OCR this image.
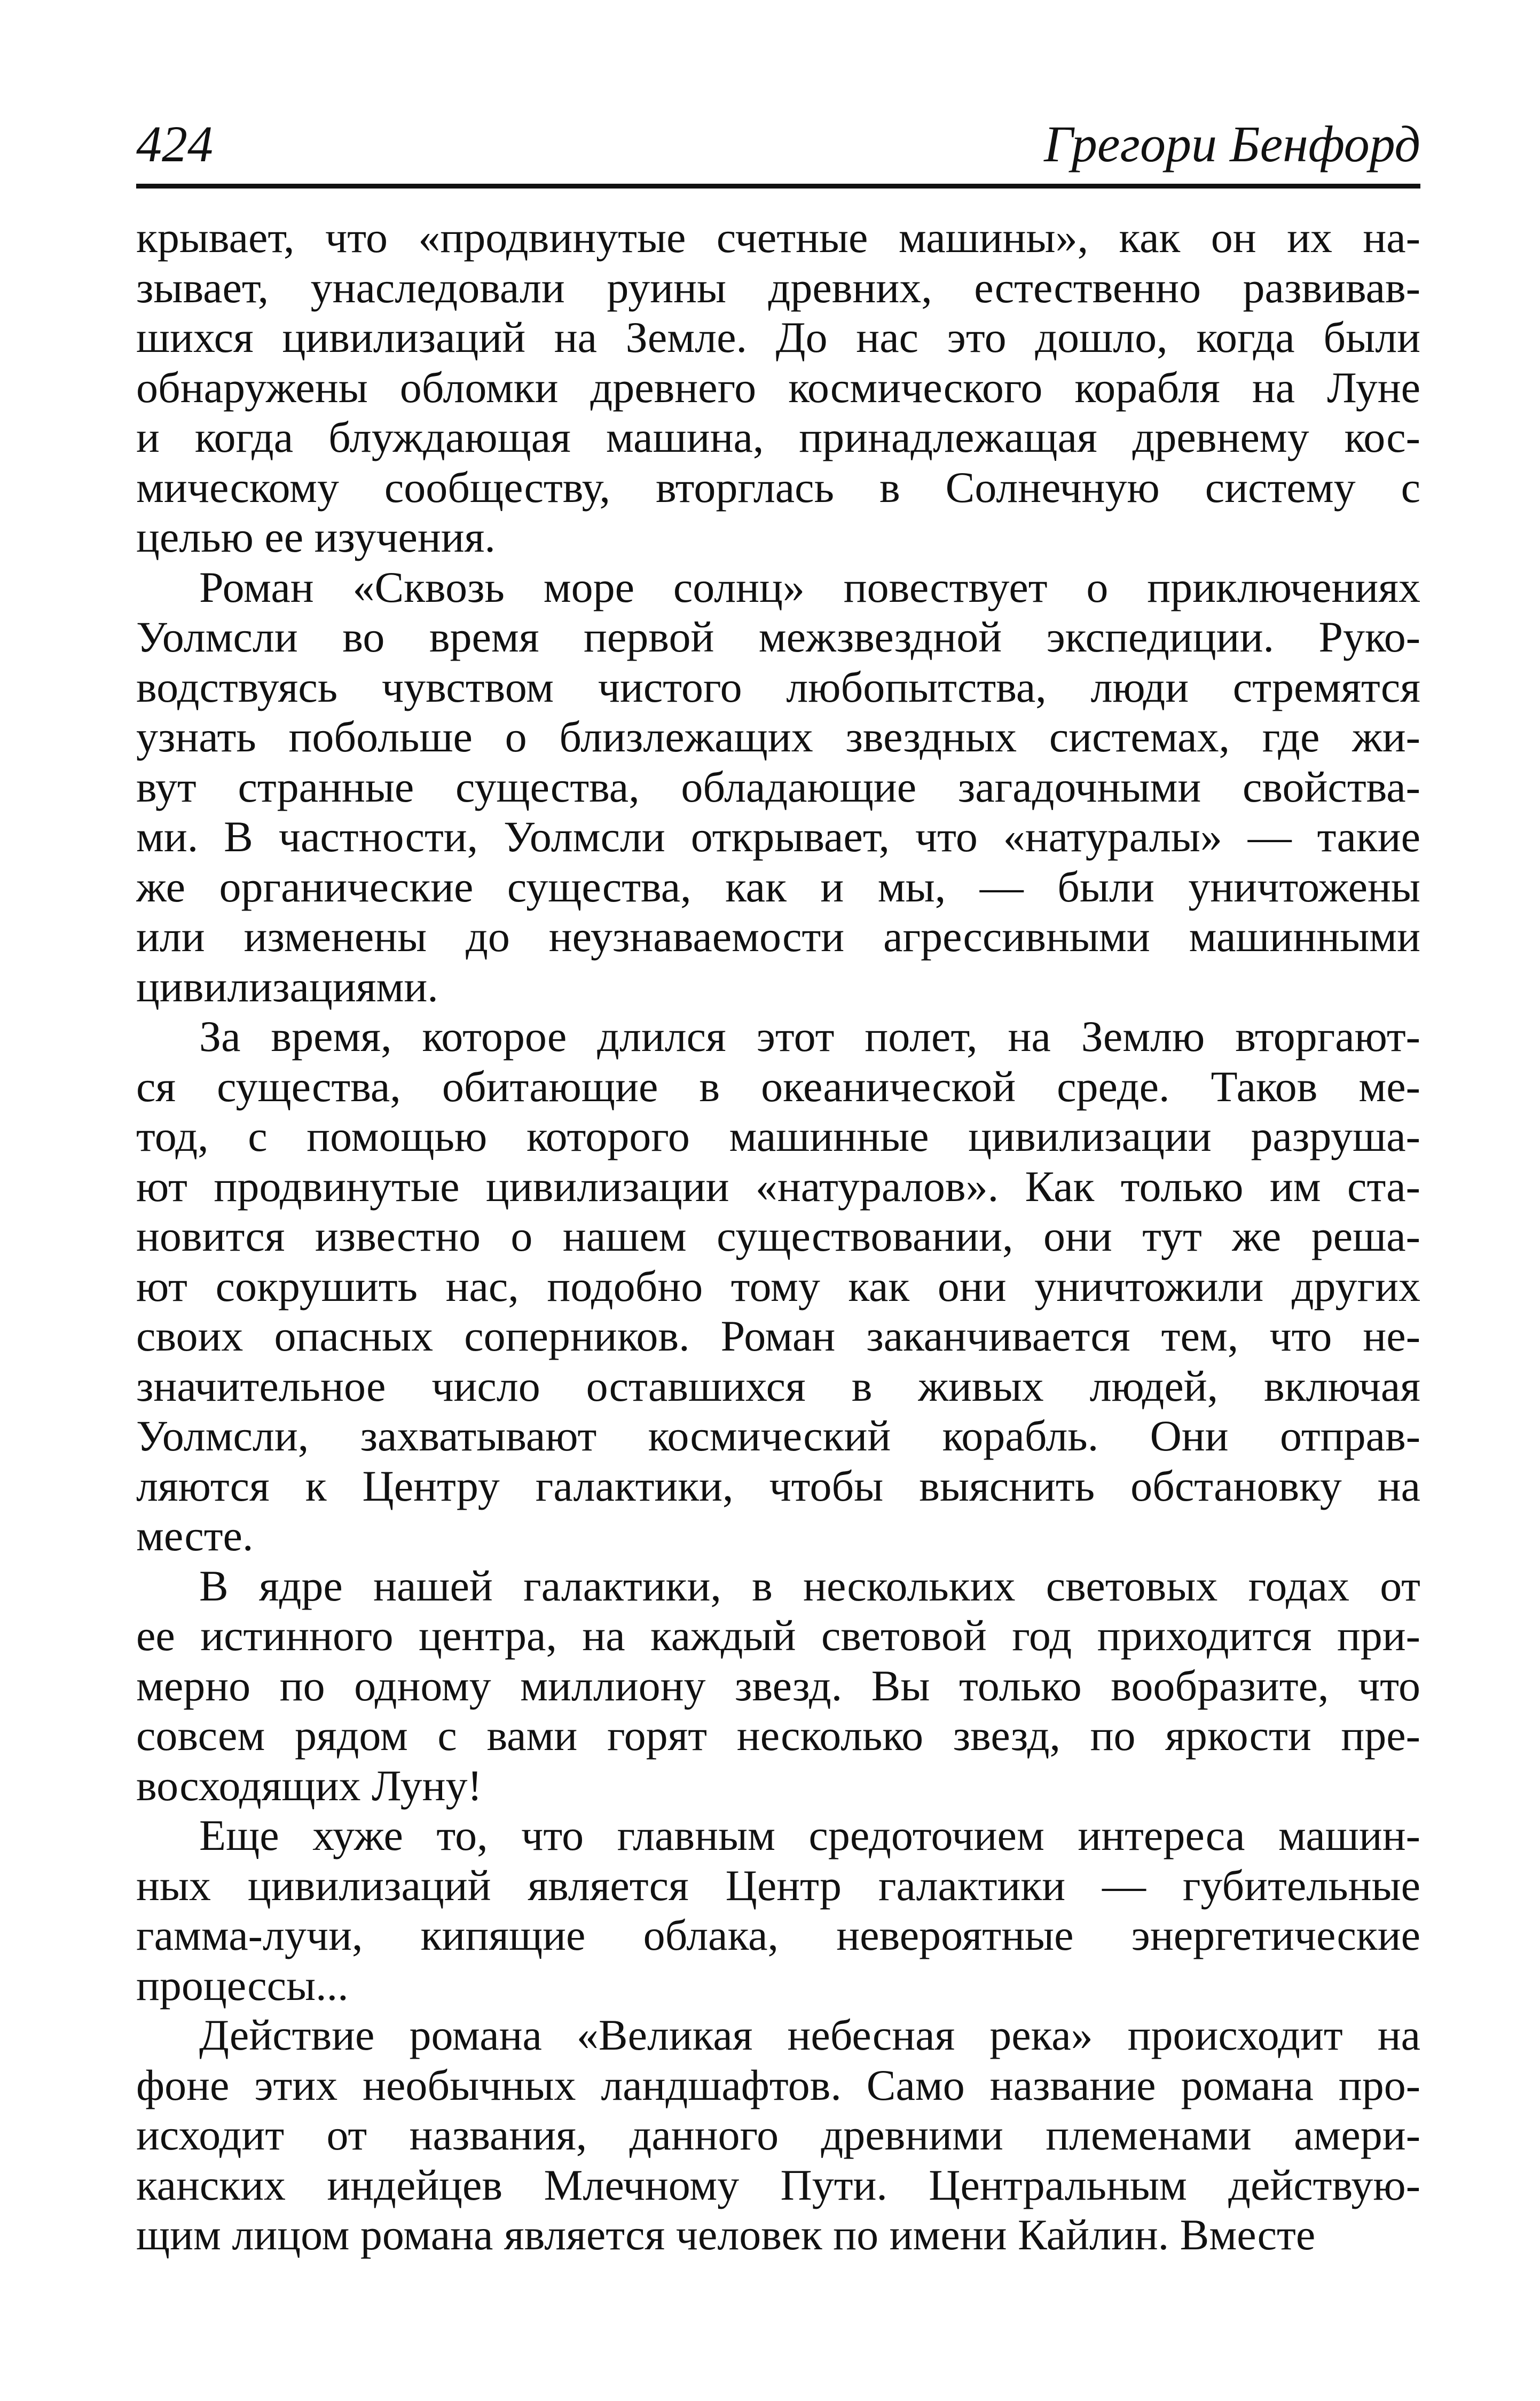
424	Грегори Бенфорд
крывает, что «продвинутые счетные машины», как он их на-
зывает, унаследовали руины древних, естественно развивав-
шихся цивилизаций на Земле. До нас это дошло, когда были
обнаружены обломки древнего космического корабля на Луне
и когда блуждающая машина, принадлежащая древнему кос-
мическому сообществу, вторглась в Солнечную систему с
целью ее изучения.
Роман «Сквозь море солнц» повествует о приключениях
Уолмсли во время первой межзвездной экспедиции. Руко-
водствуясь чувством чистого любопытства, люди стремятся
узнать побольше о близлежащих звездных системах, где жи-
вут странные существа, обладающие загадочными свойства-
ми. В частности, Уолмсли открывает, что «натуралы» — такие
же органические существа, как и мы, — были уничтожены
или изменены до неузнаваемости агрессивными машинными
цивилизациями.
За время, которое длился этот полет, на Землю вторгают-
ся существа, обитающие в океанической среде. Таков ме-
тод, с помощью которого машинные цивилизации разруша-
ют продвинутые цивилизации «натуралов». Как только им ста-
новится известно о нашем существовании, они тут же реша-
ют сокрушить нас, подобно тому как они уничтожили других
своих опасных соперников. Роман заканчивается тем, что не-
значительное число оставшихся в живых людей, включая
Уолмсли, захватывают космический корабль. Они отправ-
ляются к Центру галактики, чтобы выяснить обстановку на
месте.
В ядре нашей галактики, в нескольких световых годах от
ее истинного центра, на каждый световой год приходится при-
мерно по одному миллиону звезд. Вы только вообразите, что
совсем рядом с вами горят несколько звезд, по яркости пре-
восходящих Луну!
Еще хуже то, что главным средоточием интереса машин-
ных цивилизаций является Центр галактики — губительные
гамма-лучи, кипящие облака, невероятные энергетические
процессы...
Действие романа «Великая небесная река» происходит на
фоне этих необычных ландшафтов. Само название романа про-
исходит от названия, данного древними племенами амери-
канских индейцев Млечному Пути. Центральным действую-
щим лицом романа является человек по имени Кайлин. Вместе
